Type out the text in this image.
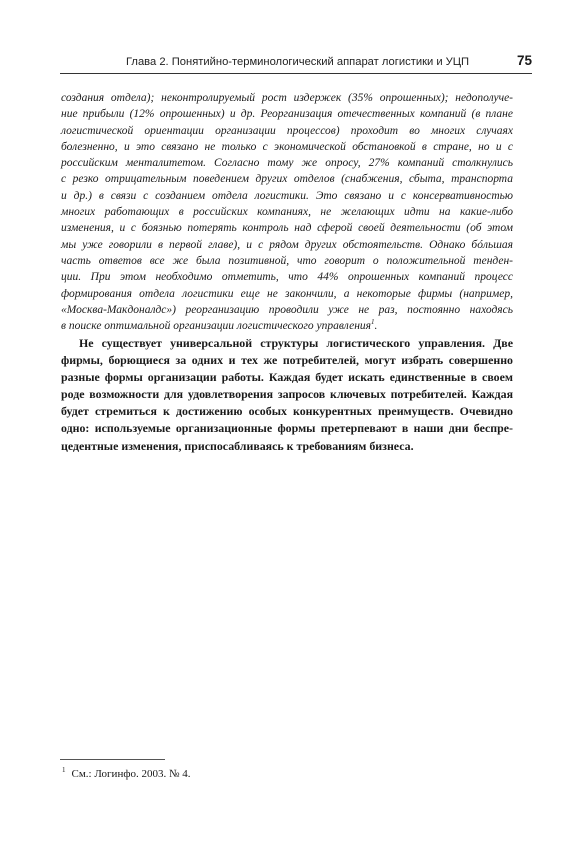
Глава 2. Понятийно-терминологический аппарат логистики и УЦП	75
создания отдела); неконтролируемый рост издержек (35% опрошенных); недополуче-
ние прибыли (12% опрошенных) и др. Реорганизация отечественных компаний (в плане
логистической ориентации организации процессов) проходит во многих случаях
болезненно, и это связано не только с экономической обстановкой в стране, но и с
российским менталитетом. Согласно тому же опросу, 27% компаний столкнулись
с резко отрицательным поведением других отделов (снабжения, сбыта, транспорта
и др.) в связи с созданием отдела логистики. Это связано и с консервативностью
многих работающих в российских компаниях, не желающих идти на какие-либо
изменения, и с боязнью потерять контроль над сферой своей деятельности (об этом
мы уже говорили в первой главе), и с рядом других обстоятельств. Однако бóльшая
часть ответов все же была позитивной, что говорит о положительной тенден-
ции. При этом необходимо отметить, что 44% опрошенных компаний процесс
формирования отдела логистики еще не закончили, а некоторые фирмы (например,
«Москва-Макдоналдс») реорганизацию проводили уже не раз, постоянно находясь
в поиске оптимальной организации логистического управления$^1$.
Не существует универсальной структуры логистического управления. Две
фирмы, борющиеся за одних и тех же потребителей, могут избрать совершенно
разные формы организации работы. Каждая будет искать единственные в своем
роде возможности для удовлетворения запросов ключевых потребителей. Каждая
будет стремиться к достижению особых конкурентных преимуществ. Очевидно
одно: используемые организационные формы претерпевают в наши дни беспре-
цедентные изменения, приспосабливаясь к требованиям бизнеса.
$^1$ См.: Логинфо. 2003. № 4.
